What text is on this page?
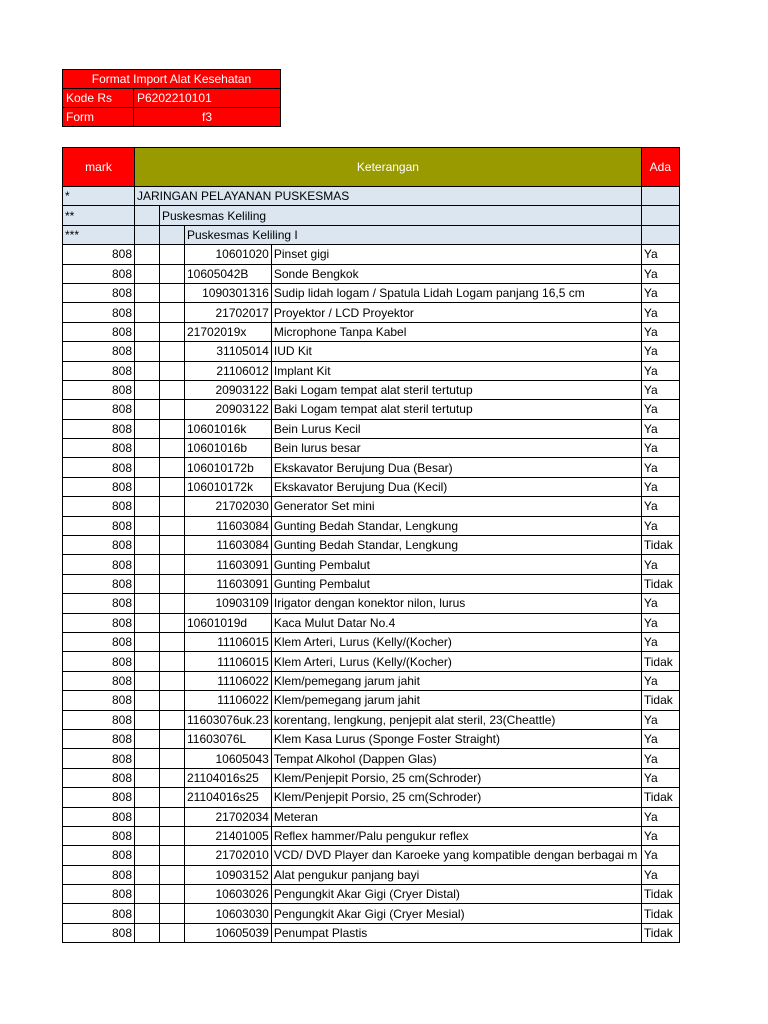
Format Import Alat Kesehatan	
Kode Rs	P6202210101
Form	f3
mark	Keterangan				Ada
*	JARINGAN PELAYANAN PUSKESMAS				
**		Puskesmas Keliling			
***			Puskesmas Keliling I		
808			10601020	Pinset gigi	Ya
808			10605042B	Sonde Bengkok	Ya
808			1090301316	Sudip lidah logam / Spatula Lidah Logam panjang 16,5 cm	Ya
808			21702017	Proyektor / LCD Proyektor	Ya
808			21702019x	Microphone Tanpa Kabel	Ya
808			31105014	IUD Kit	Ya
808			21106012	Implant Kit	Ya
808			20903122	Baki Logam tempat alat steril tertutup	Ya
808			20903122	Baki Logam tempat alat steril tertutup	Ya
808			10601016k	Bein Lurus Kecil	Ya
808			10601016b	Bein lurus besar	Ya
808			106010172b	Ekskavator Berujung Dua (Besar)	Ya
808			106010172k	Ekskavator Berujung Dua (Kecil)	Ya
808			21702030	Generator Set mini	Ya
808			11603084	Gunting Bedah Standar, Lengkung	Ya
808			11603084	Gunting Bedah Standar, Lengkung	Tidak
808			11603091	Gunting Pembalut	Ya
808			11603091	Gunting Pembalut	Tidak
808			10903109	Irigator dengan konektor nilon, lurus	Ya
808			10601019d	Kaca Mulut Datar No.4	Ya
808			11106015	Klem Arteri, Lurus (Kelly/(Kocher)	Ya
808			11106015	Klem Arteri, Lurus (Kelly/(Kocher)	Tidak
808			11106022	Klem/pemegang jarum jahit	Ya
808			11106022	Klem/pemegang jarum jahit	Tidak
808			11603076uk.23	korentang, lengkung, penjepit alat steril, 23(Cheattle)	Ya
808			11603076L	Klem Kasa Lurus (Sponge Foster Straight)	Ya
808			10605043	Tempat Alkohol (Dappen Glas)	Ya
808			21104016s25	Klem/Penjepit Porsio, 25 cm(Schroder)	Ya
808			21104016s25	Klem/Penjepit Porsio, 25 cm(Schroder)	Tidak
808			21702034	Meteran	Ya
808			21401005	Reflex hammer/Palu pengukur reflex	Ya
808			21702010	VCD/ DVD Player dan Karoeke yang kompatible dengan berbagai m	Ya
808			10903152	Alat pengukur panjang bayi	Ya
808			10603026	Pengungkit Akar Gigi (Cryer Distal)	Tidak
808			10603030	Pengungkit Akar Gigi (Cryer Mesial)	Tidak
808			10605039	Penumpat Plastis	Tidak
